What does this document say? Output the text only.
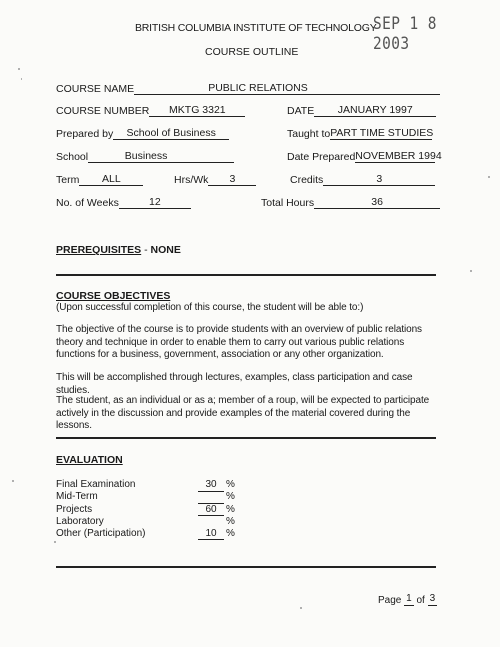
BRITISH COLUMBIA INSTITUTE OF TECHNOLOGY
SEP 1 8 2003
COURSE OUTLINE
COURSE NAME	PUBLIC RELATIONS
COURSE NUMBER MKTG 3321	DATE JANUARY 1997
Prepared by School of Business	Taught toPART TIME STUDIES
School	Business	Date PreparedNOVEMBER 1994
Term ALL	Hrs/Wk 3	Credits	3
No. of Weeks	12	Total Hours	36
PREREQUISITES - NONE
COURSE OBJECTIVES
(Upon successful completion of this course, the student will be able to:)
The objective of the course is to provide students with an overview of public relations theory and technique in order to enable them to carry out various public relations functions for a business, government, association or any other organization.
This will be accomplished through lectures, examples, class participation and case studies.
The student, as an individual or as a; member of a roup, will be expected to participate actively in the discussion and provide examples of the material covered during the lessons.
EVALUATION
Final Examination	30	%
Mid-Term		%
Projects	60	%
Laboratory		%
Other (Participation)	10	%
Page 1 of 3
